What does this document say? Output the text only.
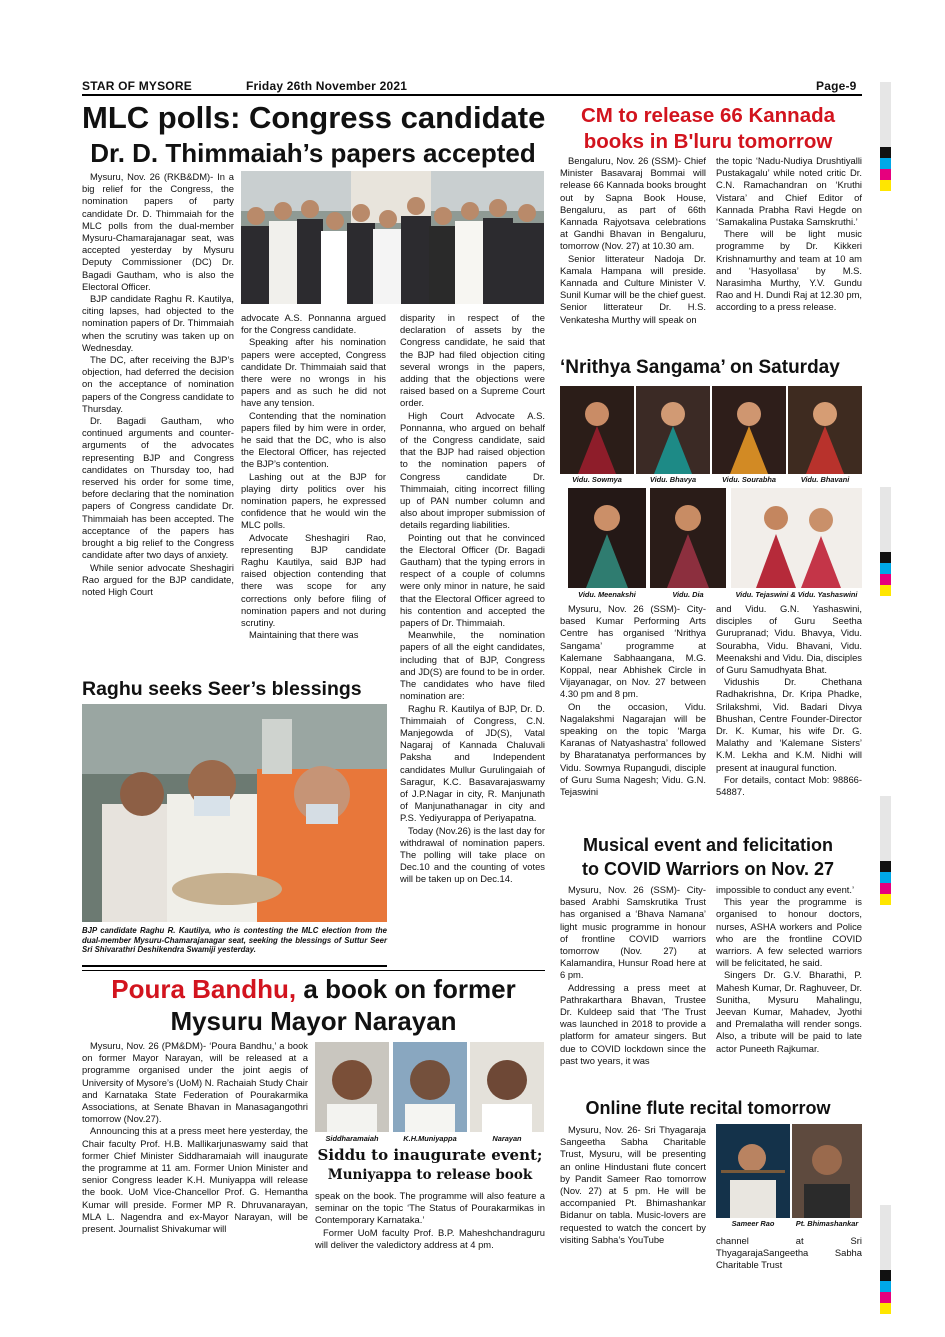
STAR OF MYSORE	Friday 26th November 2021	Page-9
MLC polls: Congress candidate
Dr. D. Thimmaiah’s papers accepted

Mysuru, Nov. 26 (RKB&DM)- In a big relief for the Congress, the nomination papers of party candidate Dr. D. Thimmaiah for the MLC polls from the dual-member Mysuru-Chamarajanagar seat, was accepted yesterday by Mysuru Deputy Commissioner (DC) Dr. Bagadi Gautham, who is also the Electoral Officer.

BJP candidate Raghu R. Kautilya, citing lapses, had objected to the nomination papers of Dr. Thimmaiah when the scrutiny was taken up on Wednesday.

The DC, after receiving the BJP’s objection, had deferred the decision on the acceptance of nomination papers of the Congress candidate to Thursday.

Dr. Bagadi Gautham, who continued arguments and counter-arguments of the advocates representing BJP and Congress candidates on Thursday too, had reserved his order for some time, before declaring that the nomination papers of Congress candidate Dr. Thimmaiah has been accepted. The acceptance of the papers has brought a big relief to the Congress candidate after two days of anxiety.

While senior advocate Sheshagiri Rao argued for the BJP candidate, noted High Court

advocate A.S. Ponnanna argued for the Congress candidate.

Speaking after his nomination papers were accepted, Congress candidate Dr. Thimmaiah said that there were no wrongs in his papers and as such he did not have any tension.

Contending that the nomination papers filed by him were in order, he said that the DC, who is also the Electoral Officer, has rejected the BJP’s contention.

Lashing out at the BJP for playing dirty politics over his nomination papers, he expressed confidence that he would win the MLC polls.

Advocate Sheshagiri Rao, representing BJP candidate Raghu Kautilya, said BJP had raised objection contending that there was scope for any corrections only before filing of nomination papers and not during scrutiny.

Maintaining that there was

disparity in respect of the declaration of assets by the Congress candidate, he said that the BJP had filed objection citing several wrongs in the papers, adding that the objections were raised based on a Supreme Court order.

High Court Advocate A.S. Ponnanna, who argued on behalf of the Congress candidate, said that the BJP had raised objection to the nomination papers of Congress candidate Dr. Thimmaiah, citing incorrect filling up of PAN number column and also about improper submission of details regarding liabilities.

Pointing out that he convinced the Electoral Officer (Dr. Bagadi Gautham) that the typing errors in respect of a couple of columns were only minor in nature, he said that the Electoral Officer agreed to his contention and accepted the papers of Dr. Thimmaiah.

Meanwhile, the nomination papers of all the eight candidates, including that of BJP, Congress and JD(S) are found to be in order. The candidates who have filed nomination are:

Raghu R. Kautilya of BJP, Dr. D. Thimmaiah of Congress, C.N. Manjegowda of JD(S), Vatal Nagaraj of Kannada Chaluvali Paksha and Independent candidates Mullur Gurulingaiah of Saragur, K.C. Basavarajaswamy of J.P.Nagar in city, R. Manjunath of Manjunathanagar in city and P.S. Yediyurappa of Periyapatna.

Today (Nov.26) is the last day for withdrawal of nomination papers. The polling will take place on Dec.10 and the counting of votes will be taken up on Dec.14.

Raghu seeks Seer’s blessings
BJP candidate Raghu R. Kautilya, who is contesting the MLC election from the dual-member Mysuru-Chamarajanagar seat, seeking the blessings of Suttur Seer Sri Shivarathri Deshikendra Swamiji yesterday.
Poura Bandhu, a book on former
Mysuru Mayor Narayan

Mysuru, Nov. 26 (PM&DM)- ‘Poura Bandhu,’ a book on former Mayor Narayan, will be released at a programme organised under the joint aegis of University of Mysore’s (UoM) N. Rachaiah Study Chair and Karnataka State Federation of Pourakarmika Associations, at Senate Bhavan in Manasagangothri tomorrow (Nov.27).

Announcing this at a press meet here yesterday, the Chair faculty Prof. H.B. Mallikarjunaswamy said that former Chief Minister Siddharamaiah will inaugurate the programme at 11 am. Former Union Minister and senior Congress leader K.H. Muniyappa will release the book. UoM Vice-Chancellor Prof. G. Hemantha Kumar will preside. Former MP R. Dhruvanarayan, MLA L. Nagendra and ex-Mayor Narayan, will be present. Journalist Shivakumar will

Siddharamaiah	K.H.Muniyappa	Narayan
Siddu to inaugurate event;
Muniyappa to release book

speak on the book. The programme will also feature a seminar on the topic ‘The Status of Pourakarmikas in Contemporary Karnataka.’

Former UoM faculty Prof. B.P. Maheshchandraguru will deliver the valedictory address at 4 pm.

CM to release 66 Kannada
books in B'luru tomorrow

Bengaluru, Nov. 26 (SSM)- Chief Minister Basavaraj Bommai will release 66 Kannada books brought out by Sapna Book House, Bengaluru, as part of 66th Kannada Rajyotsava celebrations at Gandhi Bhavan in Bengaluru, tomorrow (Nov. 27) at 10.30 am.

Senior litterateur Nadoja Dr. Kamala Hampana will preside. Kannada and Culture Minister V. Sunil Kumar will be the chief guest. Senior litterateur Dr. H.S. Venkatesha Murthy will speak on

the topic ‘Nadu-Nudiya Drushtiyalli Pustakagalu’ while noted critic Dr. C.N. Ramachandran on ‘Kruthi Vistara’ and Chief Editor of Kannada Prabha Ravi Hegde on ‘Samakalina Pustaka Samskruthi.’

There will be light music programme by Dr. Kikkeri Krishnamurthy and team at 10 am and ‘Hasyollasa’ by M.S. Narasimha Murthy, Y.V. Gundu Rao and H. Dundi Raj at 12.30 pm, according to a press release.

‘Nrithya Sangama’ on Saturday
Vidu. Sowmya	Vidu. Bhavya	Vidu. Sourabha	Vidu. Bhavani
Vidu. Meenakshi	Vidu. Dia	Vidu. Tejaswini & Vidu. Yashaswini

Mysuru, Nov. 26 (SSM)- City-based Kumar Performing Arts Centre has organised ‘Nrithya Sangama’ programme at Kalemane Sabhaangana, M.G. Koppal, near Abhishek Circle in Vijayanagar, on Nov. 27 between 4.30 pm and 8 pm.

On the occasion, Vidu. Nagalakshmi Nagarajan will be speaking on the topic ‘Marga Karanas of Natyashastra’ followed by Bharatanatya performances by Vidu. Sowmya Rupangudi, disciple of Guru Suma Nagesh; Vidu. G.N. Tejaswini

and Vidu. G.N. Yashaswini, disciples of Guru Seetha Gurupranad; Vidu. Bhavya, Vidu. Sourabha, Vidu. Bhavani, Vidu. Meenakshi and Vidu. Dia, disciples of Guru Samudhyata Bhat.

Vidushis Dr. Chethana Radhakrishna, Dr. Kripa Phadke, Srilakshmi, Vid. Badari Divya Bhushan, Centre Founder-Director Dr. K. Kumar, his wife Dr. G. Malathy and ‘Kalemane Sisters’ K.M. Lekha and K.M. Nidhi will present at inaugural function.

For details, contact Mob: 98866-54887.

Musical event and felicitation
to COVID Warriors on Nov. 27

Mysuru, Nov. 26 (SSM)- City-based Arabhi Samskrutika Trust has organised a ‘Bhava Namana’ light music programme in honour of frontline COVID warriors tomorrow (Nov. 27) at Kalamandira, Hunsur Road here at 6 pm.

Addressing a press meet at Pathrakarthara Bhavan, Trustee Dr. Kuldeep said that ‘The Trust was launched in 2018 to provide a platform for amateur singers. But due to COVID lockdown since the past two years, it was

impossible to conduct any event.’

This year the programme is organised to honour doctors, nurses, ASHA workers and Police who are the frontline COVID warriors. A few selected warriors will be felicitated, he said.

Singers Dr. G.V. Bharathi, P. Mahesh Kumar, Dr. Raghuveer, Dr. Sunitha, Mysuru Mahalingu, Jeevan Kumar, Mahadev, Jyothi and Premalatha will render songs. Also, a tribute will be paid to late actor Puneeth Rajkumar.

Online flute recital tomorrow

Mysuru, Nov. 26- Sri Thyagaraja Sangeetha Sabha Charitable Trust, Mysuru, will be presenting an online Hindustani flute concert by Pandit Sameer Rao tomorrow (Nov. 27) at 5 pm. He will be accompanied Pt. Bhimashankar Bidanur on tabla. Music-lovers are requested to watch the concert by visiting Sabha’s YouTube

Sameer Rao	Pt. Bhimashankar

channel at Sri ThyagarajaSangeetha Sabha Charitable Trust
